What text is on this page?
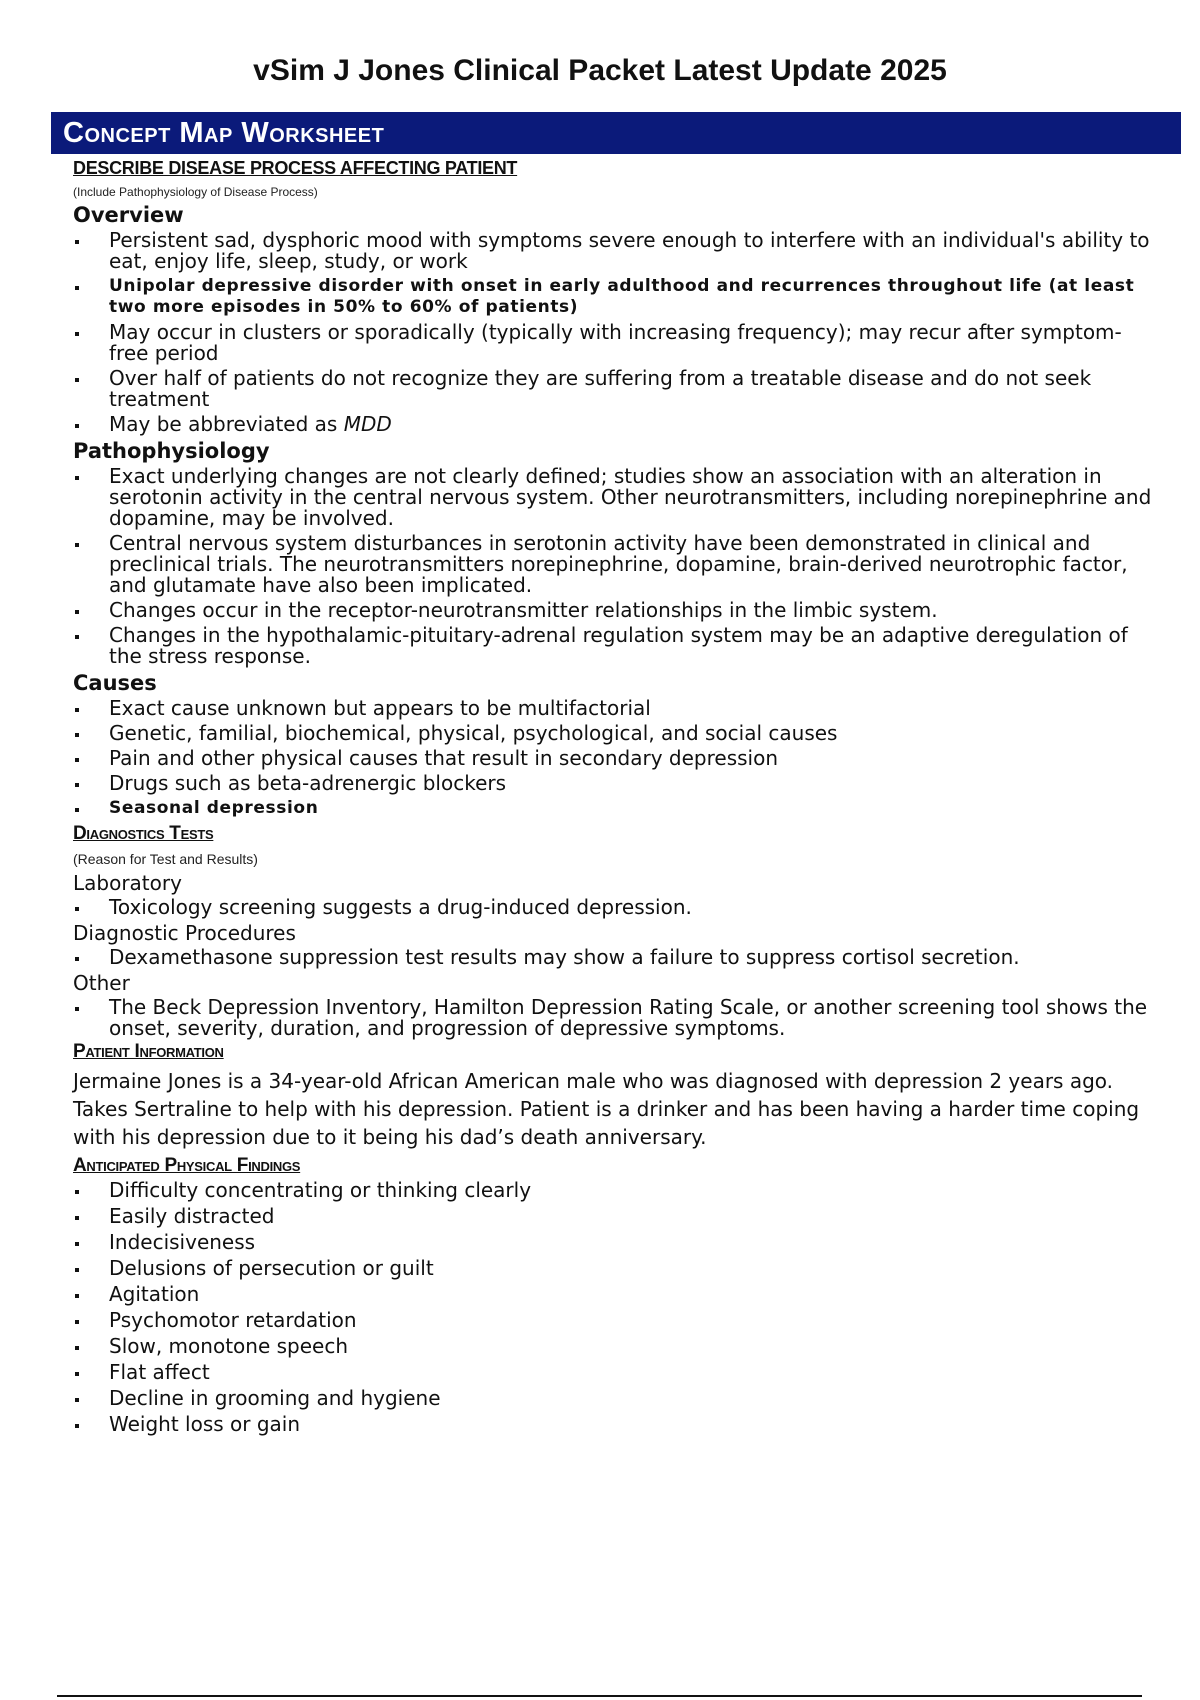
vSim J Jones Clinical Packet Latest Update 2025
Concept Map Worksheet

DESCRIBE DISEASE PROCESS AFFECTING PATIENT

(Include Pathophysiology of Disease Process)

Overview

Persistent sad, dysphoric mood with symptoms severe enough to interfere with an individual's ability to eat, enjoy life, sleep, study, or work
Unipolar depressive disorder with onset in early adulthood and recurrences throughout life (at least two more episodes in 50% to 60% of patients)
May occur in clusters or sporadically (typically with increasing frequency); may recur after symptom-free period
Over half of patients do not recognize they are suffering from a treatable disease and do not seek treatment
May be abbreviated as MDD

Pathophysiology

Exact underlying changes are not clearly defined; studies show an association with an alteration in serotonin activity in the central nervous system. Other neurotransmitters, including norepinephrine and dopamine, may be involved.
Central nervous system disturbances in serotonin activity have been demonstrated in clinical and preclinical trials. The neurotransmitters norepinephrine, dopamine, brain-derived neurotrophic factor, and glutamate have also been implicated.
Changes occur in the receptor-neurotransmitter relationships in the limbic system.
Changes in the hypothalamic-pituitary-adrenal regulation system may be an adaptive deregulation of the stress response.

Causes

Exact cause unknown but appears to be multifactorial
Genetic, familial, biochemical, physical, psychological, and social causes
Pain and other physical causes that result in secondary depression
Drugs such as beta-adrenergic blockers
Seasonal depression

Diagnostics Tests

(Reason for Test and Results)

Laboratory

Toxicology screening suggests a drug-induced depression.

Diagnostic Procedures

Dexamethasone suppression test results may show a failure to suppress cortisol secretion.

Other

The Beck Depression Inventory, Hamilton Depression Rating Scale, or another screening tool shows the onset, severity, duration, and progression of depressive symptoms.

Patient Information

Jermaine Jones is a 34-year-old African American male who was diagnosed with depression 2 years ago. Takes Sertraline to help with his depression. Patient is a drinker and has been having a harder time coping with his depression due to it being his dad’s death anniversary.

Anticipated Physical Findings

Difficulty concentrating or thinking clearly
Easily distracted
Indecisiveness
Delusions of persecution or guilt
Agitation
Psychomotor retardation
Slow, monotone speech
Flat affect
Decline in grooming and hygiene
Weight loss or gain
